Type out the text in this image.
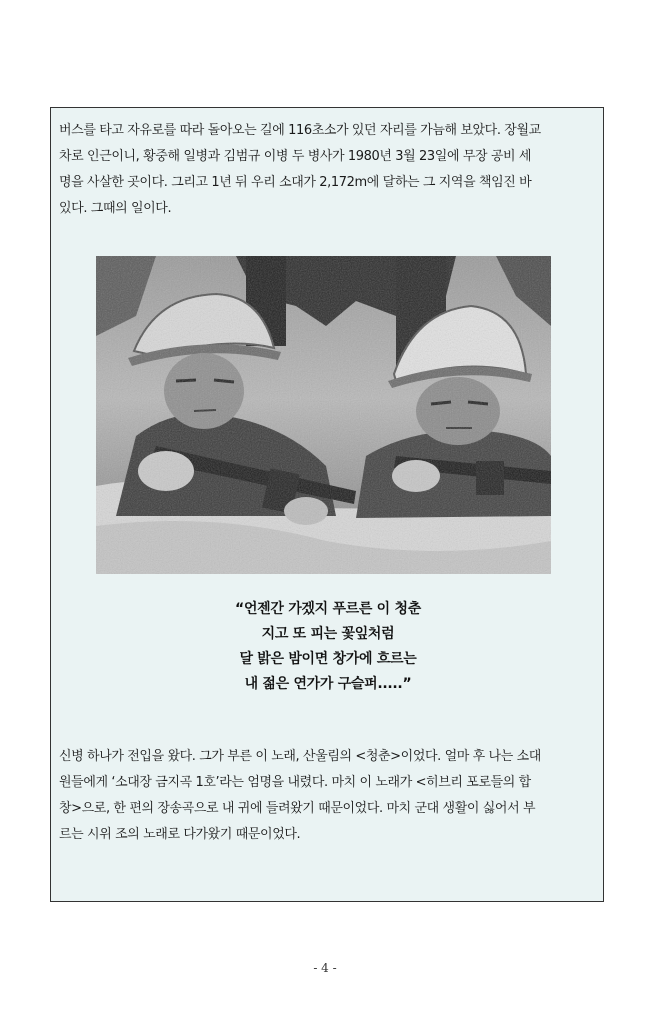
버스를 타고 자유로를 따라 돌아오는 길에 116초소가 있던 자리를 가늠해 보았다. 장월교
차로 인근이니, 황중해 일병과 김범규 이병 두 병사가 1980년 3월 23일에 무장 공비 세
명을 사살한 곳이다. 그리고 1년 뒤 우리 소대가 2,172m에 달하는 그 지역을 책임진 바
있다. 그때의 일이다.

“언젠간 가겠지 푸르른 이 청춘
지고 또 피는 꽃잎처럼
달 밝은 밤이면 창가에 흐르는
내 젊은 연가가 구슬퍼.....”

신병 하나가 전입을 왔다. 그가 부른 이 노래, 산울림의 <청춘>이었다. 얼마 후 나는 소대
원들에게 ‘소대장 금지곡 1호’라는 엄명을 내렸다. 마치 이 노래가 <히브리 포로들의 합
창>으로, 한 편의 장송곡으로 내 귀에 들려왔기 때문이었다. 마치 군대 생활이 싫어서 부
르는 시위 조의 노래로 다가왔기 때문이었다.

- 4 -
